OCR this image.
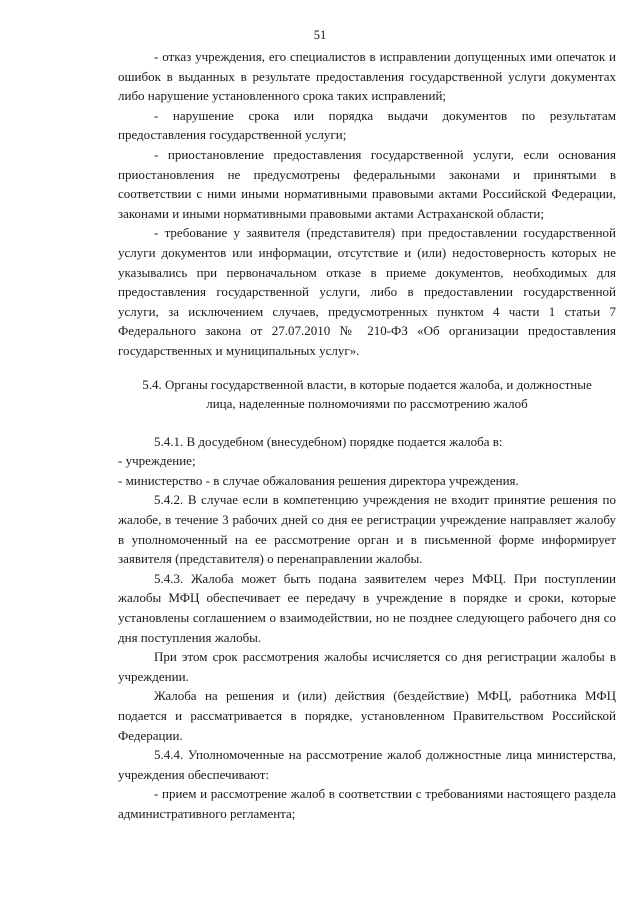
51

- отказ учреждения, его специалистов в исправлении допущенных ими опечаток и ошибок в выданных в результате предоставления государственной услуги документах либо нарушение установленного срока таких исправлений;

- нарушение срока или порядка выдачи документов по результатам предоставления государственной услуги;

- приостановление предоставления государственной услуги, если основания приостановления не предусмотрены федеральными законами и принятыми в соответствии с ними иными нормативными правовыми актами Российской Федерации, законами и иными нормативными правовыми актами Астраханской области;

- требование у заявителя (представителя) при предоставлении государственной услуги документов или информации, отсутствие и (или) недостоверность которых не указывались при первоначальном отказе в приеме документов, необходимых для предоставления государственной услуги, либо в предоставлении государственной услуги, за исключением случаев, предусмотренных пунктом 4 части 1 статьи 7 Федерального закона от 27.07.2010 № 210-ФЗ «Об организации предоставления государственных и муниципальных услуг».

5.4. Органы государственной власти, в которые подается жалоба, и должностные лица, наделенные полномочиями по рассмотрению жалоб

5.4.1. В досудебном (внесудебном) порядке подается жалоба в:

- учреждение;

- министерство - в случае обжалования решения директора учреждения.

5.4.2. В случае если в компетенцию учреждения не входит принятие решения по жалобе, в течение 3 рабочих дней со дня ее регистрации учреждение направляет жалобу в уполномоченный на ее рассмотрение орган и в письменной форме информирует заявителя (представителя) о перенаправлении жалобы.

5.4.3. Жалоба может быть подана заявителем через МФЦ. При поступлении жалобы МФЦ обеспечивает ее передачу в учреждение в порядке и сроки, которые установлены соглашением о взаимодействии, но не позднее следующего рабочего дня со дня поступления жалобы.

При этом срок рассмотрения жалобы исчисляется со дня регистрации жалобы в учреждении.

Жалоба на решения и (или) действия (бездействие) МФЦ, работника МФЦ подается и рассматривается в порядке, установленном Правительством Российской Федерации.

5.4.4. Уполномоченные на рассмотрение жалоб должностные лица министерства, учреждения обеспечивают:

- прием и рассмотрение жалоб в соответствии с требованиями настоящего раздела административного регламента;
